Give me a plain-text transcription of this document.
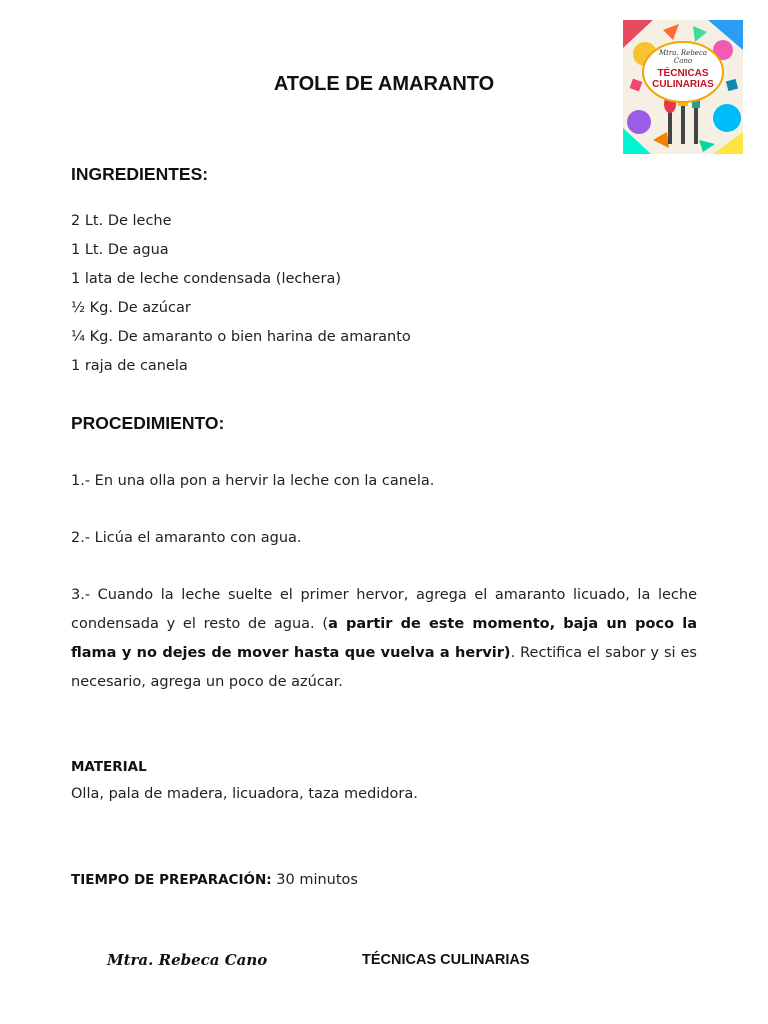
ATOLE DE AMARANTO
Mtra. Rebeca
Cano
TÉCNICAS
CULINARIAS
INGREDIENTES:
2 Lt. De leche
1 Lt. De agua
1 lata de leche condensada (lechera)
½ Kg. De azúcar
¼ Kg. De amaranto o bien harina de amaranto
1 raja de canela
PROCEDIMIENTO:
1.- En una olla pon a hervir la leche con la canela.
2.- Licúa el amaranto con agua.
3.- Cuando la leche suelte el primer hervor, agrega el amaranto licuado, la leche condensada y el resto de agua. (a partir de este momento, baja un poco la flama y no dejes de mover hasta que vuelva a hervir). Rectifica el sabor y si es necesario, agrega un poco de azúcar.
MATERIAL
Olla, pala de madera, licuadora, taza medidora.
TIEMPO DE PREPARACIÓN: 30 minutos
Mtra. Rebeca Cano	TÉCNICAS CULINARIAS
